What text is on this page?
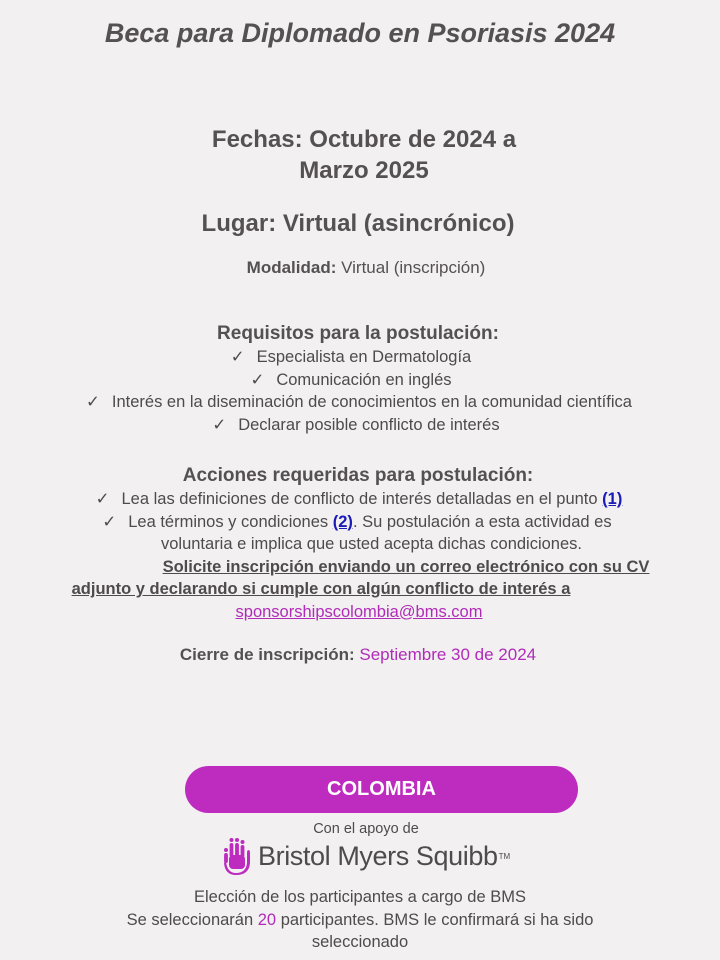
Beca para Diplomado en Psoriasis 2024
Fechas: Octubre de 2024 a
Marzo 2025
Lugar: Virtual (asincrónico)
Modalidad: Virtual (inscripción)
Requisitos para la postulación:
✓ Especialista en Dermatología
✓ Comunicación en inglés
✓ Interés en la diseminación de conocimientos en la comunidad científica
✓ Declarar posible conflicto de interés
Acciones requeridas para postulación:
✓ Lea las definiciones de conflicto de interés detalladas en el punto (1)
✓ Lea términos y condiciones (2). Su postulación a esta actividad es
voluntaria e implica que usted acepta dichas condiciones.
Solicite inscripción enviando un correo electrónico con su CV
adjunto y declarando si cumple con algún conflicto de interés a
sponsorshipscolombia@bms.com
Cierre de inscripción: Septiembre 30 de 2024
COLOMBIA
Con el apoyo de
Bristol Myers Squibb TM
Elección de los participantes a cargo de BMS
Se seleccionarán 20 participantes. BMS le confirmará si ha sido
seleccionado
